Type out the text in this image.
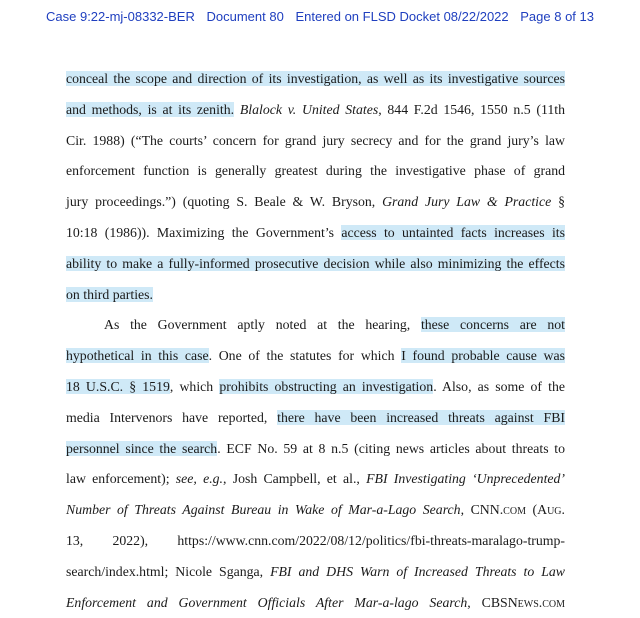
Case 9:22-mj-08332-BER Document 80 Entered on FLSD Docket 08/22/2022 Page 8 of 13
conceal the scope and direction of its investigation, as well as its investigative sources
and methods, is at its zenith. Blalock v. United States, 844 F.2d 1546, 1550 n.5 (11th
Cir. 1988) (“The courts’ concern for grand jury secrecy and for the grand jury’s law
enforcement function is generally greatest during the investigative phase of grand
jury proceedings.”) (quoting S. Beale & W. Bryson, Grand Jury Law & Practice §
10:18 (1986)). Maximizing the Government’s access to untainted facts increases its
ability to make a fully-informed prosecutive decision while also minimizing the effects
on third parties.
As the Government aptly noted at the hearing, these concerns are not
hypothetical in this case. One of the statutes for which I found probable cause was
18 U.S.C. § 1519, which prohibits obstructing an investigation. Also, as some of the
media Intervenors have reported, there have been increased threats against FBI
personnel since the search. ECF No. 59 at 8 n.5 (citing news articles about threats to
law enforcement); see, e.g., Josh Campbell, et al., FBI Investigating ‘Unprecedented’
Number of Threats Against Bureau in Wake of Mar-a-Lago Search, CNN.com (Aug.
13, 2022), https://www.cnn.com/2022/08/12/politics/fbi-threats-maralago-trump-
search/index.html; Nicole Sganga, FBI and DHS Warn of Increased Threats to Law
Enforcement and Government Officials After Mar-a-lago Search, CBSNews.com
